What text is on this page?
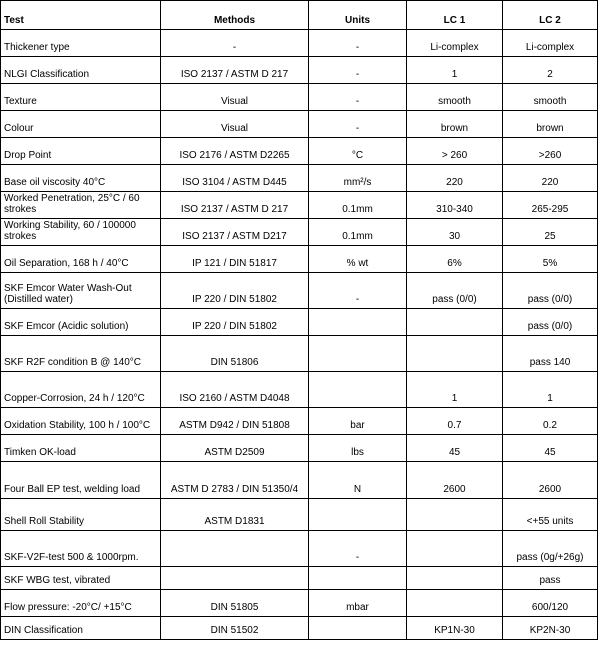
Test	Methods	Units	LC 1	LC 2
Thickener type	-	-	Li-complex	Li-complex
NLGI Classification	ISO 2137 / ASTM D 217	-	1	2
Texture	Visual	-	smooth	smooth
Colour	Visual	-	brown	brown
Drop Point	ISO 2176 / ASTM D2265	°C	> 260	>260
Base oil viscosity 40°C	ISO 3104 / ASTM D445	mm²/s	220	220
Worked Penetration, 25°C / 60 strokes	ISO 2137 / ASTM D 217	0.1mm	310-340	265-295
Working Stability, 60 / 100000 strokes	ISO 2137 / ASTM D217	0.1mm	30	25
Oil Separation, 168 h / 40°C	IP 121 / DIN 51817	% wt	6%	5%
SKF Emcor Water Wash-Out (Distilled water)	IP 220 / DIN 51802	-	pass (0/0)	pass (0/0)
SKF Emcor (Acidic solution)	IP 220 / DIN 51802			pass (0/0)
SKF R2F condition B @ 140°C	DIN 51806			pass 140
Copper-Corrosion, 24 h / 120°C	ISO 2160 / ASTM D4048		1	1
Oxidation Stability, 100 h / 100°C	ASTM D942 / DIN 51808	bar	0.7	0.2
Timken OK-load	ASTM D2509	lbs	45	45
Four Ball EP test, welding load	ASTM D 2783 / DIN 51350/4	N	2600	2600
Shell Roll Stability	ASTM D1831			<+55 units
SKF-V2F-test 500 & 1000rpm.		-		pass (0g/+26g)
SKF WBG test, vibrated				pass
Flow pressure: -20°C/ +15°C	DIN 51805	mbar		600/120
DIN Classification	DIN 51502		KP1N-30	KP2N-30
